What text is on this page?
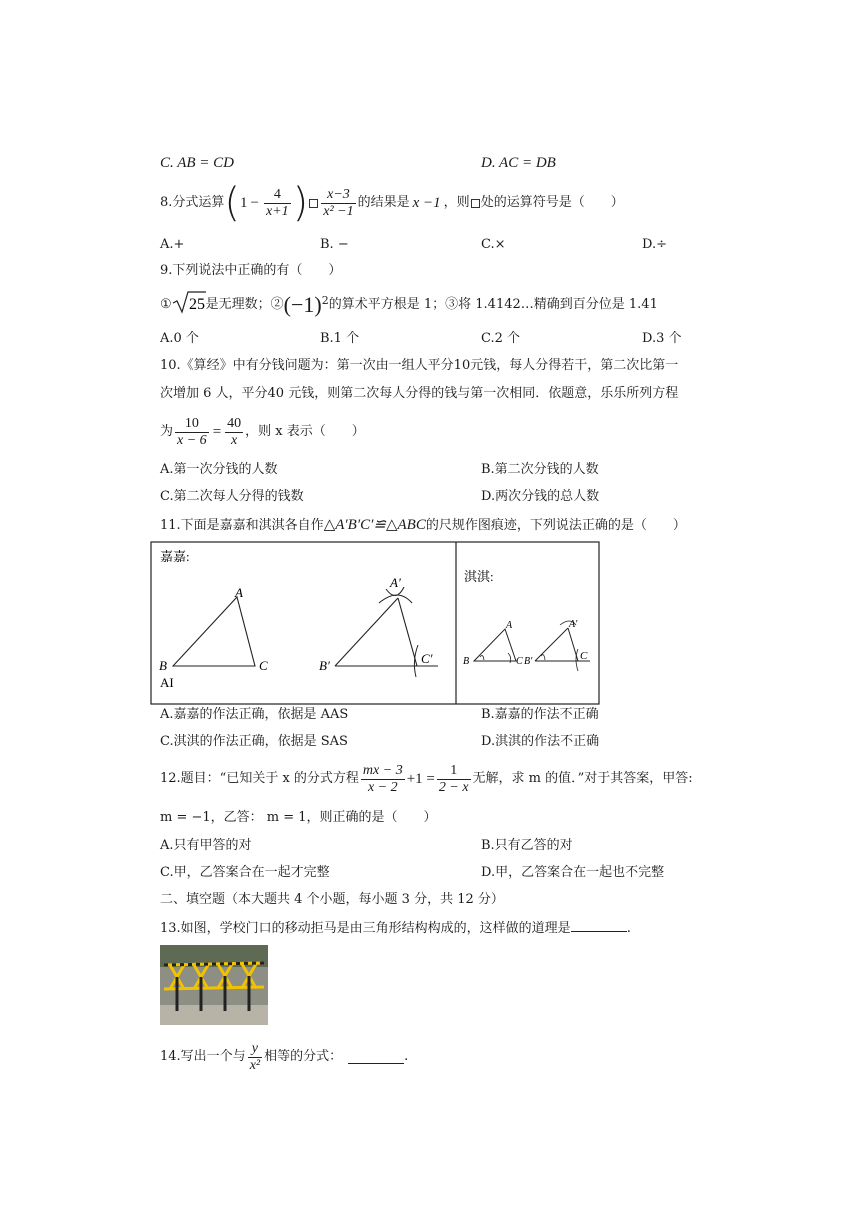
C. AB = CD	D. AC = DB
8.分式运算 ( $1 - \frac{4}{x+1}$ ) $\frac{x-3}{\text{x² −1}}$ 的结果是 x −1 ，则 处的运算符号是（　　）
A.+	B. −	C.×	D.÷
9.下列说法中正确的有（　　）
① 25 是无理数；② $(-1)^2$ 的算术平方根是 1；③将 1.4142…精确到百分位是 1.41
A.0 个	B.1 个	C.2 个	D.3 个
10.《算经》中有分钱问题为：第一次由一组人平分10元钱，每人分得若干，第二次比第一
次增加 6 人，平分40 元钱，则第二次每人分得的钱与第一次相同．依题意，乐乐所列方程
为 $\frac{10}{x - 6} = \frac{40}{x}$ ，则 x 表示（　　）
A.第一次分钱的人数	B.第二次分钱的人数
C.第二次每人分得的钱数	D.两次分钱的总人数
11.下面是嘉嘉和淇淇各自作△A′B′C′≌△ABC的尺规作图痕迹，下列说法正确的是（　　）
嘉嘉:
淇淇:
AI
A
B	C
A′
B′	C′
A
B	C
A′
B′	C
A.嘉嘉的作法正确，依据是 AAS	B.嘉嘉的作法不正确
C.淇淇的作法正确，依据是 SAS	D.淇淇的作法不正确
12.题目：“已知关于 x 的分式方程 $\frac{mx - 3}{x - 2} +1 = \frac{1}{2 - x}$ 无解，求 m 的值．”对于其答案，甲答:
m = −1，乙答： m = 1，则正确的是（　　）
A.只有甲答的对	B.只有乙答的对
C.甲，乙答案合在一起才完整	D.甲，乙答案合在一起也不完整
二、填空题（本大题共 4 个小题，每小题 3 分，共 12 分）
13.如图，学校门口的移动拒马是由三角形结构构成的，这样做的道理是	.
14.写出一个与 $\frac{y}{\text{x²}}$ 相等的分式：	.
